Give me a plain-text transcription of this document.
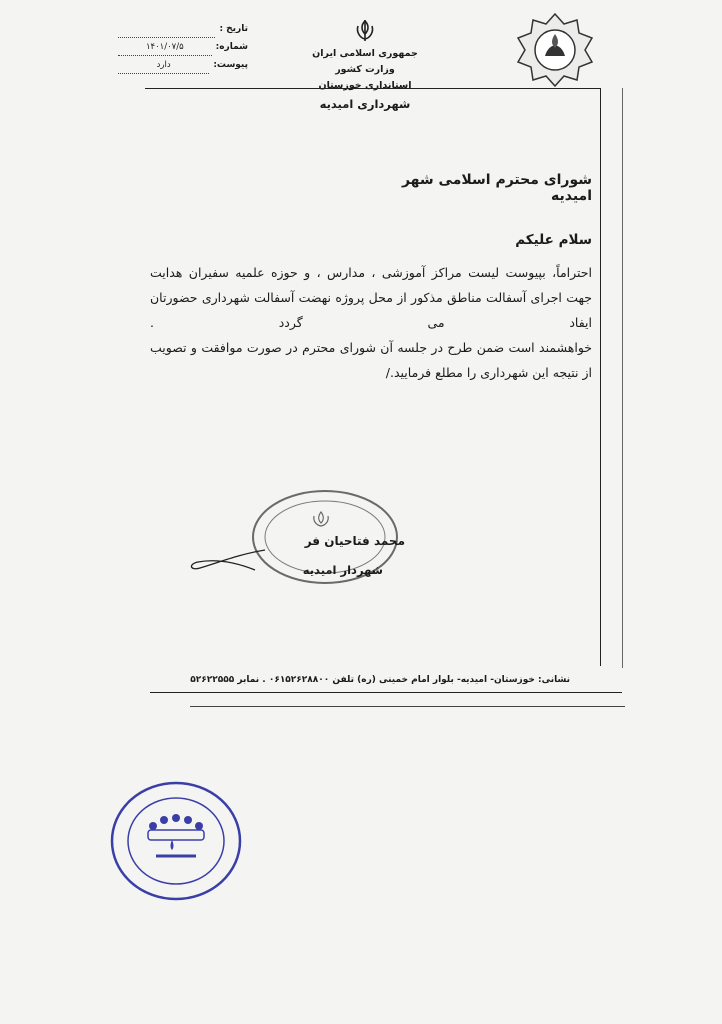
تاریخ :
شماره:
۱۴۰۱/۰۷/۵
پیوست:
دارد
جمهوری اسلامی ایران
وزارت کشور
استانداری خوزستان
شهرداری امیدیه
شورای محترم اسلامی شهر امیدیه
سلام علیکم

احتراماً، بپیوست لیست مراکز آموزشی ، مدارس ، و حوزه علمیه سفیران هدایت جهت اجرای آسفالت مناطق مذکور از محل پروژه نهضت آسفالت شهرداری حضورتان ایفاد می گردد .

خواهشمند است ضمن طرح در جلسه آن شورای محترم در صورت موافقت و تصویب از نتیجه این شهرداری را مطلع فرمایید./

محمد فتاحیان فر
شهردار امیدیه
نشانی: خوزستان- امیدیه- بلوار امام خمینی (ره) تلفن ۰۶۱۵۲۶۲۸۸۰۰ . نمابر ۵۲۶۲۲۵۵۵
